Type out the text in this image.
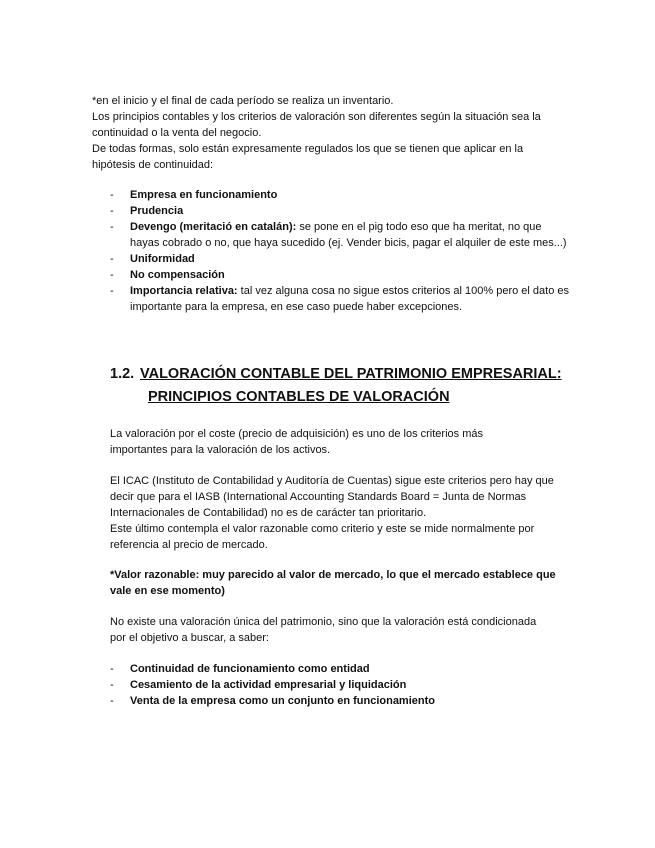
*en el inicio y el final de cada período se realiza un inventario.

Los principios contables y los criterios de valoración son diferentes según la situación sea la continuidad o la venta del negocio.

De todas formas, solo están expresamente regulados los que se tienen que aplicar en la hipótesis de continuidad:

- Empresa en funcionamiento
- Prudencia
- Devengo (meritació en catalán): se pone en el pig todo eso que ha meritat, no que hayas cobrado o no, que haya sucedido (ej. Vender bicis, pagar el alquiler de este mes...)
- Uniformidad
- No compensación
- Importancia relativa: tal vez alguna cosa no sigue estos criterios al 100% pero el dato es importante para la empresa, en ese caso puede haber excepciones.
1.2. VALORACIÓN CONTABLE DEL PATRIMONIO EMPRESARIAL:
PRINCIPIOS CONTABLES DE VALORACIÓN

La valoración por el coste (precio de adquisición) es uno de los criterios más importantes para la valoración de los activos.

El ICAC (Instituto de Contabilidad y Auditoría de Cuentas) sigue este criterios pero hay que decir que para el IASB (International Accounting Standards Board = Junta de Normas Internacionales de Contabilidad) no es de carácter tan prioritario.

Este último contempla el valor razonable como criterio y este se mide normalmente por referencia al precio de mercado.

*Valor razonable: muy parecido al valor de mercado, lo que el mercado establece que vale en ese momento)

No existe una valoración única del patrimonio, sino que la valoración está condicionada por el objetivo a buscar, a saber:

- Continuidad de funcionamiento como entidad
- Cesamiento de la actividad empresarial y liquidación
- Venta de la empresa como un conjunto en funcionamiento
